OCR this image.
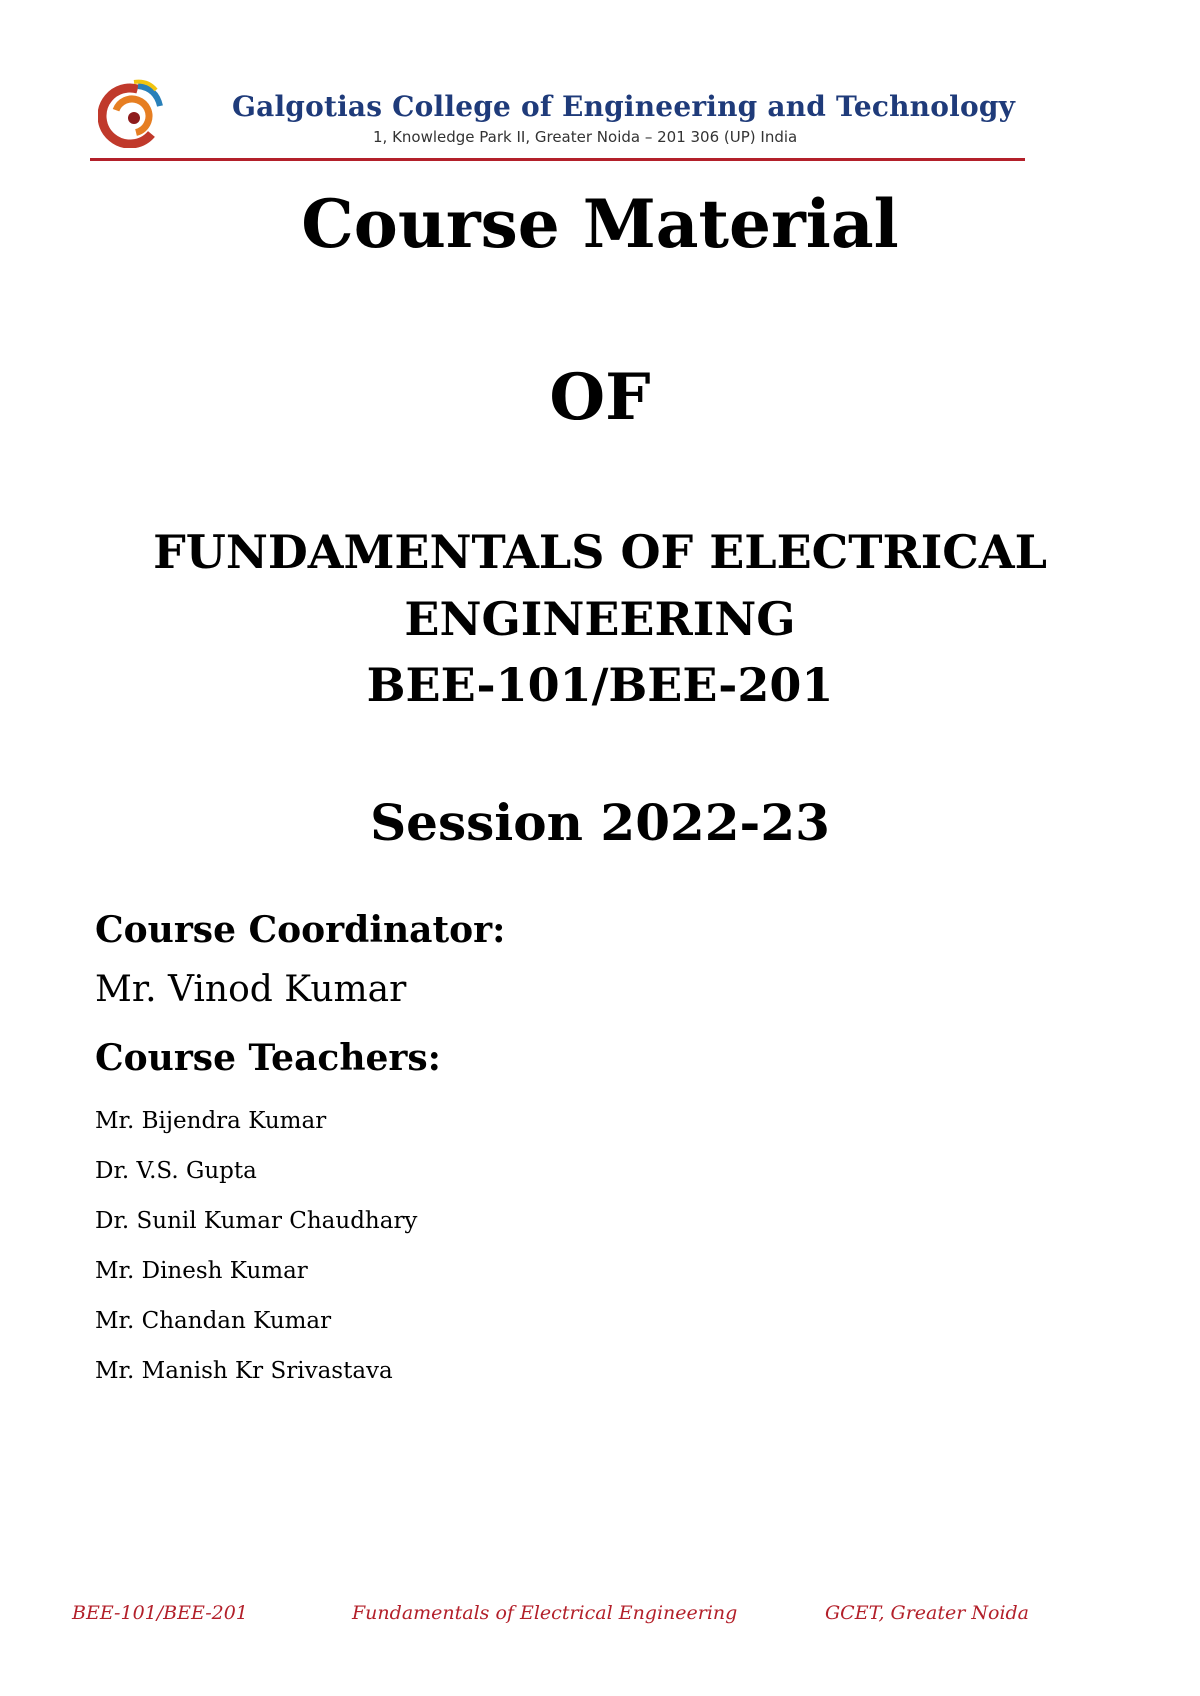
Galgotias College of Engineering and Technology
1, Knowledge Park II, Greater Noida – 201 306 (UP) India
Course Material
OF
FUNDAMENTALS OF ELECTRICAL
ENGINEERING
BEE-101/BEE-201
Session 2022-23

Course Coordinator:

Mr. Vinod Kumar

Course Teachers:

Mr. Bijendra Kumar
Dr. V.S. Gupta
Dr. Sunil Kumar Chaudhary
Mr. Dinesh Kumar
Mr. Chandan Kumar
Mr. Manish Kr Srivastava
BEE-101/BEE-201	Fundamentals of Electrical Engineering	GCET, Greater Noida
